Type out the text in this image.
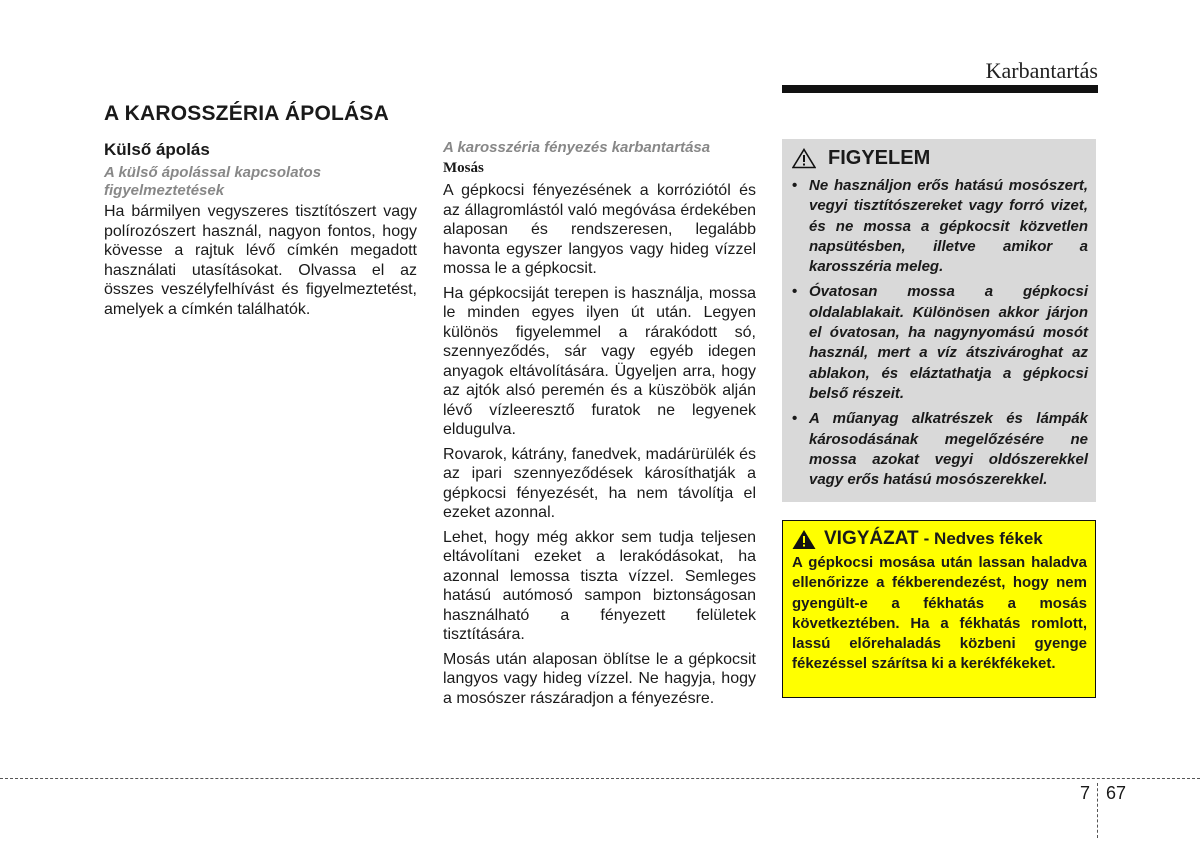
Karbantartás
A KAROSSZÉRIA ÁPOLÁSA
Külső ápolás
A külső ápolással kapcsolatos figyelmeztetések
Ha bármilyen vegyszeres tisztítószert vagy polírozószert használ, nagyon fontos, hogy kövesse a rajtuk lévő címkén megadott használati utasításokat. Olvassa el az összes veszélyfelhívást és figyelmeztetést, amelyek a címkén találhatók.
A karosszéria fényezés karbantartása
Mosás
A gépkocsi fényezésének a korróziótól és az állagromlástól való megóvása érdekében alaposan és rendszeresen, legalább havonta egyszer langyos vagy hideg vízzel mossa le a gépkocsit.
Ha gépkocsiját terepen is használja, mossa le minden egyes ilyen út után. Legyen különös figyelemmel a rárakódott só, szennyeződés, sár vagy egyéb idegen anyagok eltávolítására. Ügyeljen arra, hogy az ajtók alsó peremén és a küszöbök alján lévő vízleeresztő furatok ne legyenek eldugulva.
Rovarok, kátrány, fanedvek, madárürülék és az ipari szennyeződések károsíthatják a gépkocsi fényezését, ha nem távolítja el ezeket azonnal.
Lehet, hogy még akkor sem tudja teljesen eltávolítani ezeket a lerakódásokat, ha azonnal lemossa tiszta vízzel. Semleges hatású autómosó sampon biztonságosan használható a fényezett felületek tisztítására.
Mosás után alaposan öblítse le a gépkocsit langyos vagy hideg vízzel. Ne hagyja, hogy a mosószer rászáradjon a fényezésre.
FIGYELEM
• Ne használjon erős hatású mosószert, vegyi tisztítószereket vagy forró vizet, és ne mossa a gépkocsit közvetlen napsütésben, illetve amikor a karosszéria meleg.
• Óvatosan mossa a gépkocsi oldalablakait. Különösen akkor járjon el óvatosan, ha nagynyomású mosót használ, mert a víz átszivároghat az ablakon, és eláztathatja a gépkocsi belső részeit.
• A műanyag alkatrészek és lámpák károsodásának megelőzésére ne mossa azokat vegyi oldószerekkel vagy erős hatású mosószerekkel.
VIGYÁZAT - Nedves fékek
A gépkocsi mosása után lassan haladva ellenőrizze a fékberendezést, hogy nem gyengült-e a fékhatás a mosás következtében. Ha a fékhatás romlott, lassú előrehaladás közbeni gyenge fékezéssel szárítsa ki a kerékfékeket.
7 67
